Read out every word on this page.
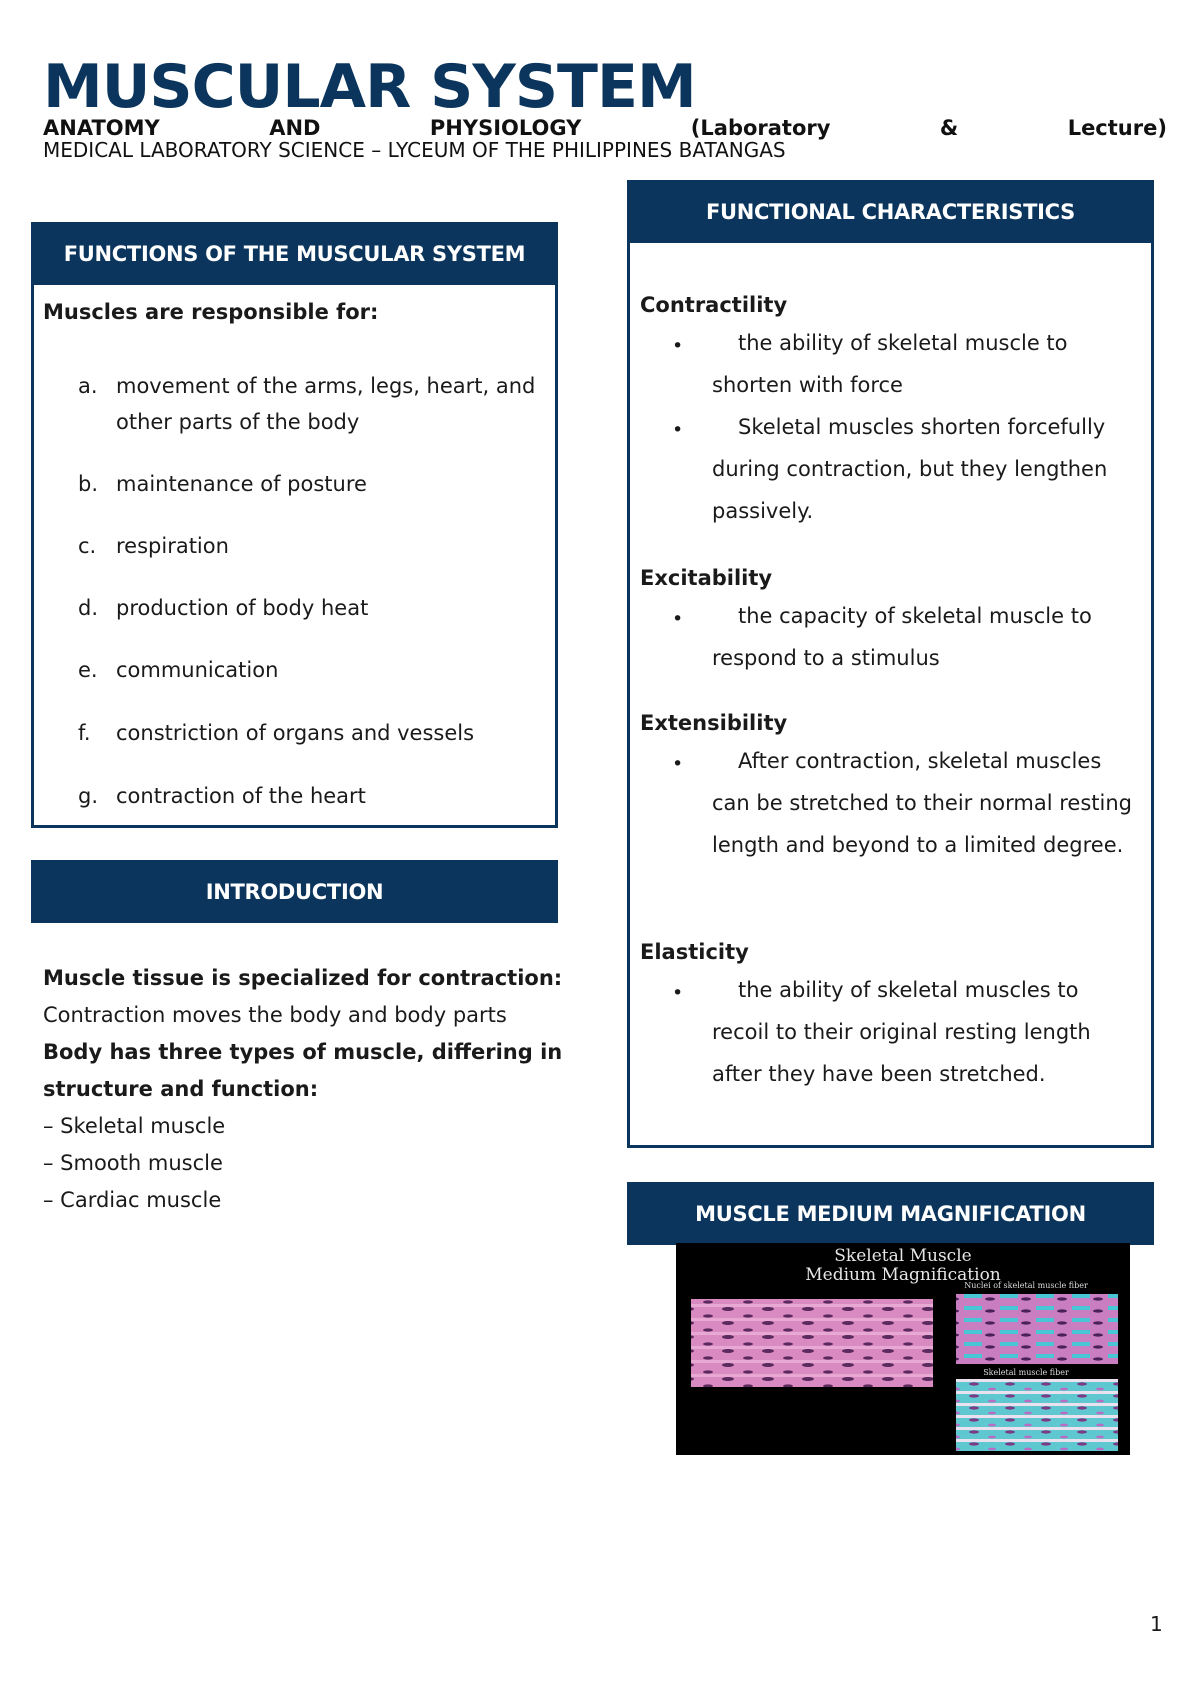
MUSCULAR SYSTEM
ANATOMY	AND	PHYSIOLOGY	(Laboratory	&	Lecture)
MEDICAL LABORATORY SCIENCE – LYCEUM OF THE PHILIPPINES BATANGAS
FUNCTIONS OF THE MUSCULAR SYSTEM
Muscles are responsible for:
a. movement of the arms, legs, heart, and other parts of the body
b. maintenance of posture
c. respiration
d. production of body heat
e. communication
f.	constriction of organs and vessels
g. contraction of the heart
INTRODUCTION
Muscle tissue is specialized for contraction: Contraction moves the body and body parts
Body has three types of muscle, differing in structure and function:
– Skeletal muscle
– Smooth muscle
– Cardiac muscle
FUNCTIONAL CHARACTERISTICS
Contractility
•	the ability of skeletal muscle to shorten with force
•	Skeletal muscles shorten forcefully during contraction, but they lengthen passively.
Excitability
•	the capacity of skeletal muscle to respond to a stimulus
Extensibility
•	After contraction, skeletal muscles can be stretched to their normal resting length and beyond to a limited degree.
Elasticity
•	the ability of skeletal muscles to recoil to their original resting length after they have been stretched.
MUSCLE MEDIUM MAGNIFICATION
Skeletal Muscle
Medium Magnification
Nuclei of skeletal muscle fiber
Skeletal muscle fiber
1
